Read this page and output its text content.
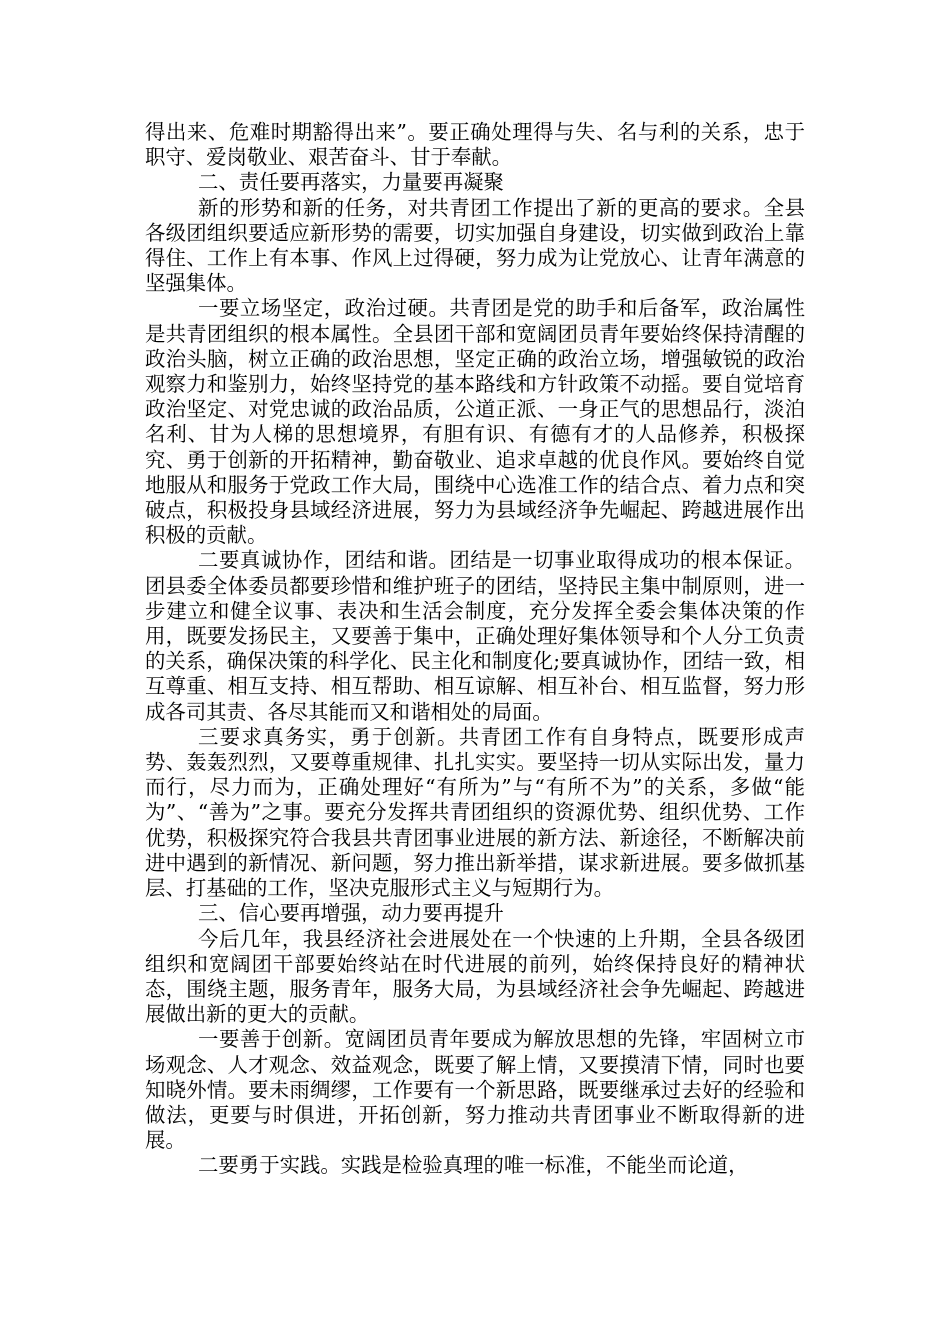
得出来、危难时期豁得出来”。要正确处理得与失、名与利的关系，忠于职守、爱岗敬业、艰苦奋斗、甘于奉献。

二、责任要再落实，力量要再凝聚

新的形势和新的任务，对共青团工作提出了新的更高的要求。全县各级团组织要适应新形势的需要，切实加强自身建设，切实做到政治上靠得住、工作上有本事、作风上过得硬，努力成为让党放心、让青年满意的坚强集体。

一要立场坚定，政治过硬。共青团是党的助手和后备军，政治属性是共青团组织的根本属性。全县团干部和宽阔团员青年要始终保持清醒的政治头脑，树立正确的政治思想，坚定正确的政治立场，增强敏锐的政治观察力和鉴别力，始终坚持党的基本路线和方针政策不动摇。要自觉培育政治坚定、对党忠诚的政治品质，公道正派、一身正气的思想品行，淡泊名利、甘为人梯的思想境界，有胆有识、有德有才的人品修养，积极探究、勇于创新的开拓精神，勤奋敬业、追求卓越的优良作风。要始终自觉地服从和服务于党政工作大局，围绕中心选准工作的结合点、着力点和突破点，积极投身县域经济进展，努力为县域经济争先崛起、跨越进展作出积极的贡献。

二要真诚协作，团结和谐。团结是一切事业取得成功的根本保证。团县委全体委员都要珍惜和维护班子的团结，坚持民主集中制原则，进一步建立和健全议事、表决和生活会制度，充分发挥全委会集体决策的作用，既要发扬民主，又要善于集中，正确处理好集体领导和个人分工负责的关系，确保决策的科学化、民主化和制度化;要真诚协作，团结一致，相互尊重、相互支持、相互帮助、相互谅解、相互补台、相互监督，努力形成各司其责、各尽其能而又和谐相处的局面。

三要求真务实，勇于创新。共青团工作有自身特点，既要形成声势、轰轰烈烈，又要尊重规律、扎扎实实。要坚持一切从实际出发，量力而行，尽力而为，正确处理好“有所为”与“有所不为”的关系，多做“能为”、“善为”之事。要充分发挥共青团组织的资源优势、组织优势、工作优势，积极探究符合我县共青团事业进展的新方法、新途径，不断解决前进中遇到的新情况、新问题，努力推出新举措，谋求新进展。要多做抓基层、打基础的工作，坚决克服形式主义与短期行为。

三、信心要再增强，动力要再提升

今后几年，我县经济社会进展处在一个快速的上升期，全县各级团组织和宽阔团干部要始终站在时代进展的前列，始终保持良好的精神状态，围绕主题，服务青年，服务大局，为县域经济社会争先崛起、跨越进展做出新的更大的贡献。

一要善于创新。宽阔团员青年要成为解放思想的先锋，牢固树立市场观念、人才观念、效益观念，既要了解上情，又要摸清下情，同时也要知晓外情。要未雨绸缪，工作要有一个新思路，既要继承过去好的经验和做法，更要与时俱进，开拓创新，努力推动共青团事业不断取得新的进展。

二要勇于实践。实践是检验真理的唯一标准，不能坐而论道，
